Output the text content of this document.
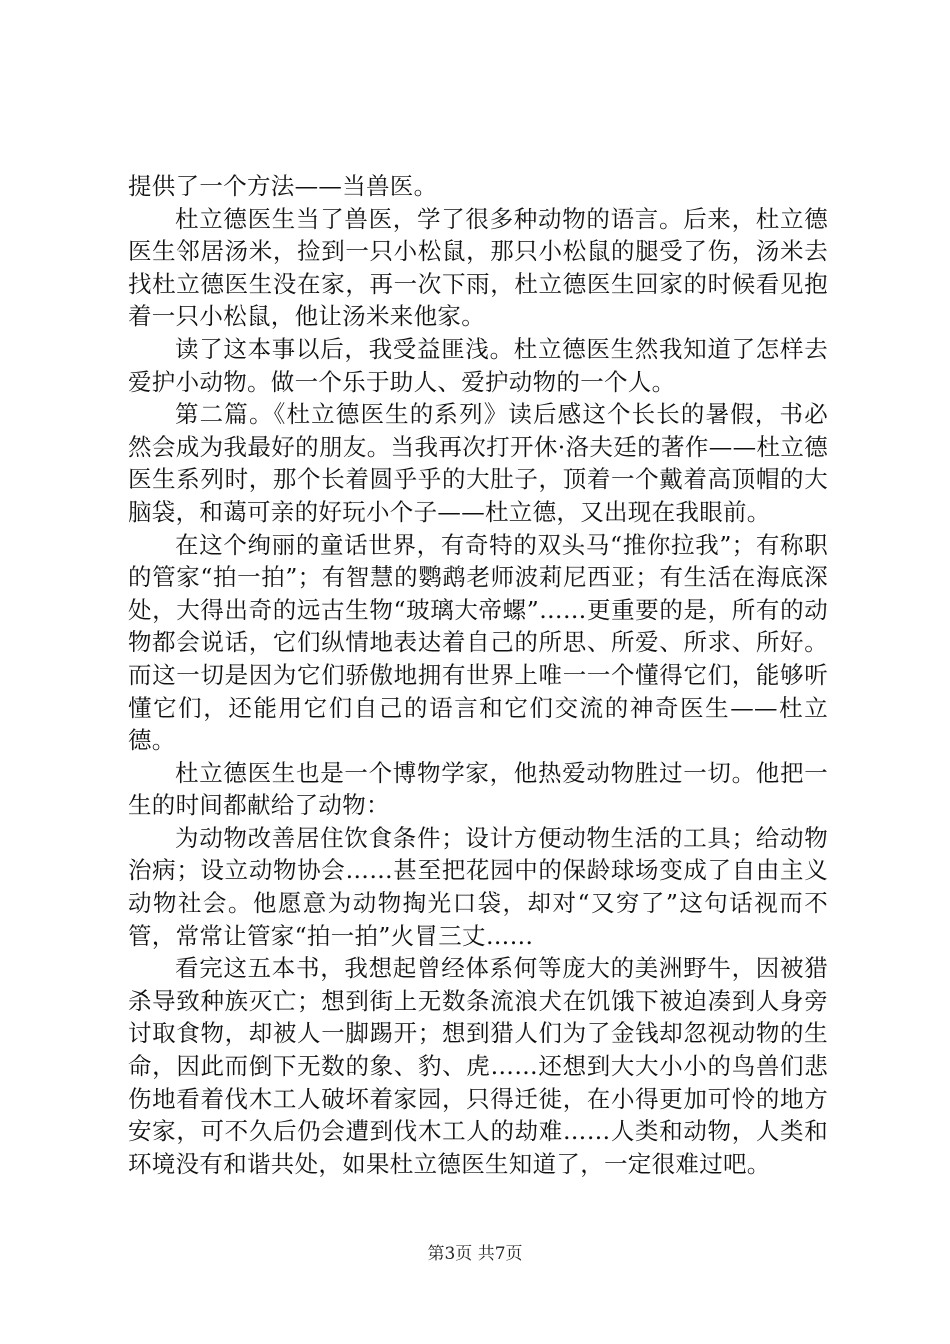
提供了一个方法——当兽医。

杜立德医生当了兽医，学了很多种动物的语言。后来，杜立德医生邻居汤米，捡到一只小松鼠，那只小松鼠的腿受了伤，汤米去找杜立德医生没在家，再一次下雨，杜立德医生回家的时候看见抱着一只小松鼠，他让汤米来他家。

读了这本事以后，我受益匪浅。杜立德医生然我知道了怎样去爱护小动物。做一个乐于助人、爱护动物的一个人。

第二篇。《杜立德医生的系列》读后感这个长长的暑假，书必然会成为我最好的朋友。当我再次打开休·洛夫廷的著作——杜立德医生系列时，那个长着圆乎乎的大肚子，顶着一个戴着高顶帽的大脑袋，和蔼可亲的好玩小个子——杜立德，又出现在我眼前。

在这个绚丽的童话世界，有奇特的双头马“推你拉我”；有称职的管家“拍一拍”；有智慧的鹦鹉老师波莉尼西亚；有生活在海底深处，大得出奇的远古生物“玻璃大帝螺”……更重要的是，所有的动物都会说话，它们纵情地表达着自己的所思、所爱、所求、所好。而这一切是因为它们骄傲地拥有世界上唯一一个懂得它们，能够听懂它们，还能用它们自己的语言和它们交流的神奇医生——杜立德。

杜立德医生也是一个博物学家，他热爱动物胜过一切。他把一生的时间都献给了动物：

为动物改善居住饮食条件；设计方便动物生活的工具；给动物治病；设立动物协会……甚至把花园中的保龄球场变成了自由主义动物社会。他愿意为动物掏光口袋，却对“又穷了”这句话视而不管，常常让管家“拍一拍”火冒三丈……

看完这五本书，我想起曾经体系何等庞大的美洲野牛，因被猎杀导致种族灭亡；想到街上无数条流浪犬在饥饿下被迫凑到人身旁讨取食物，却被人一脚踢开；想到猎人们为了金钱却忽视动物的生命，因此而倒下无数的象、豹、虎……还想到大大小小的鸟兽们悲伤地看着伐木工人破坏着家园，只得迁徙，在小得更加可怜的地方安家，可不久后仍会遭到伐木工人的劫难……人类和动物，人类和环境没有和谐共处，如果杜立德医生知道了，一定很难过吧。

第3页 共7页
